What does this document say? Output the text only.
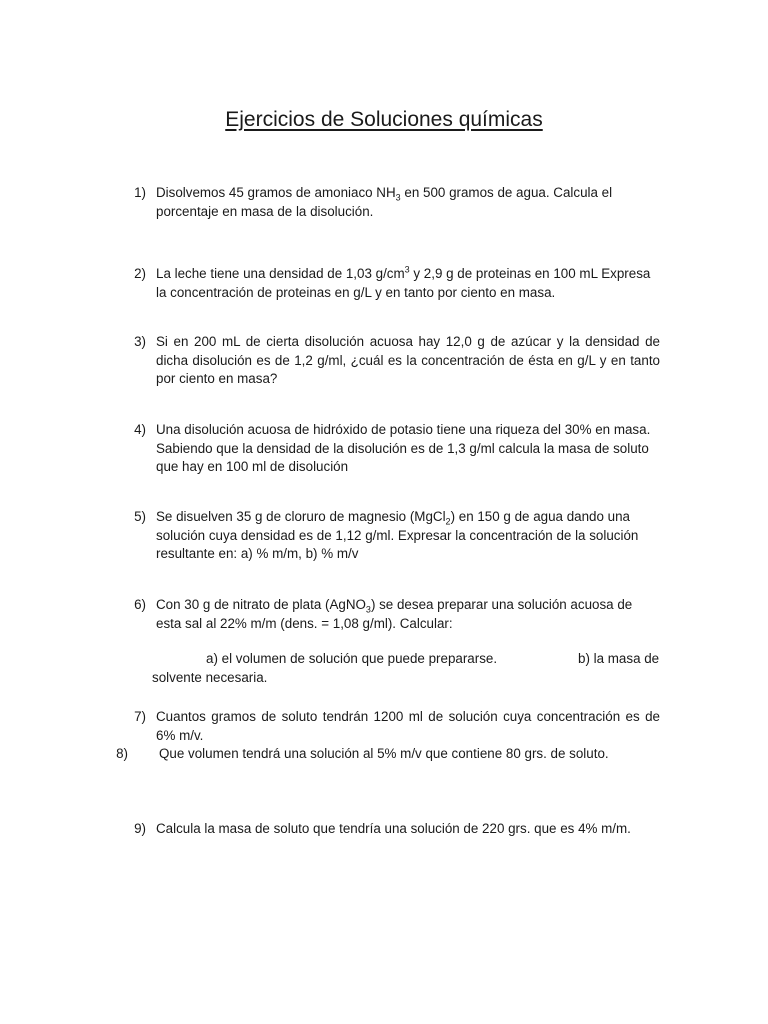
Ejercicios de Soluciones químicas
1) Disolvemos 45 gramos de amoniaco $NH_3$ en 500 gramos de agua. Calcula el
porcentaje en masa de la disolución.
2) La leche tiene una densidad de 1,03 $g/cm^3$ y 2,9 g de proteinas en 100 mL Expresa
la concentración de proteinas en g/L y en tanto por ciento en masa.
3) Si en 200 mL de cierta disolución acuosa hay 12,0 g de azúcar y la densidad de dicha disolución es de 1,2 g/ml, ¿cuál es la concentración de ésta en g/L y en tanto por ciento en masa?
4) Una disolución acuosa de hidróxido de potasio tiene una riqueza del 30% en masa.
Sabiendo que la densidad de la disolución es de 1,3 g/ml calcula la masa de soluto
que hay en 100 ml de disolución
5) Se disuelven 35 g de cloruro de magnesio (MgCl$_2$) en 150 g de agua dando una
solución cuya densidad es de 1,12 g/ml. Expresar la concentración de la solución
resultante en: a) % m/m, b) % m/v
6) Con 30 g de nitrato de plata (AgNO$_3$) se desea preparar una solución acuosa de
esta sal al 22% m/m (dens. = 1,08 g/ml). Calcular:
a) el volumen de solución que puede prepararse.	b) la masa de
solvente necesaria.
7) Cuantos gramos de soluto tendrán 1200 ml de solución cuya concentración es de 6% m/v.
8) Que volumen tendrá una solución al 5% m/v que contiene 80 grs. de soluto.
9) Calcula la masa de soluto que tendría una solución de 220 grs. que es 4% m/m.
